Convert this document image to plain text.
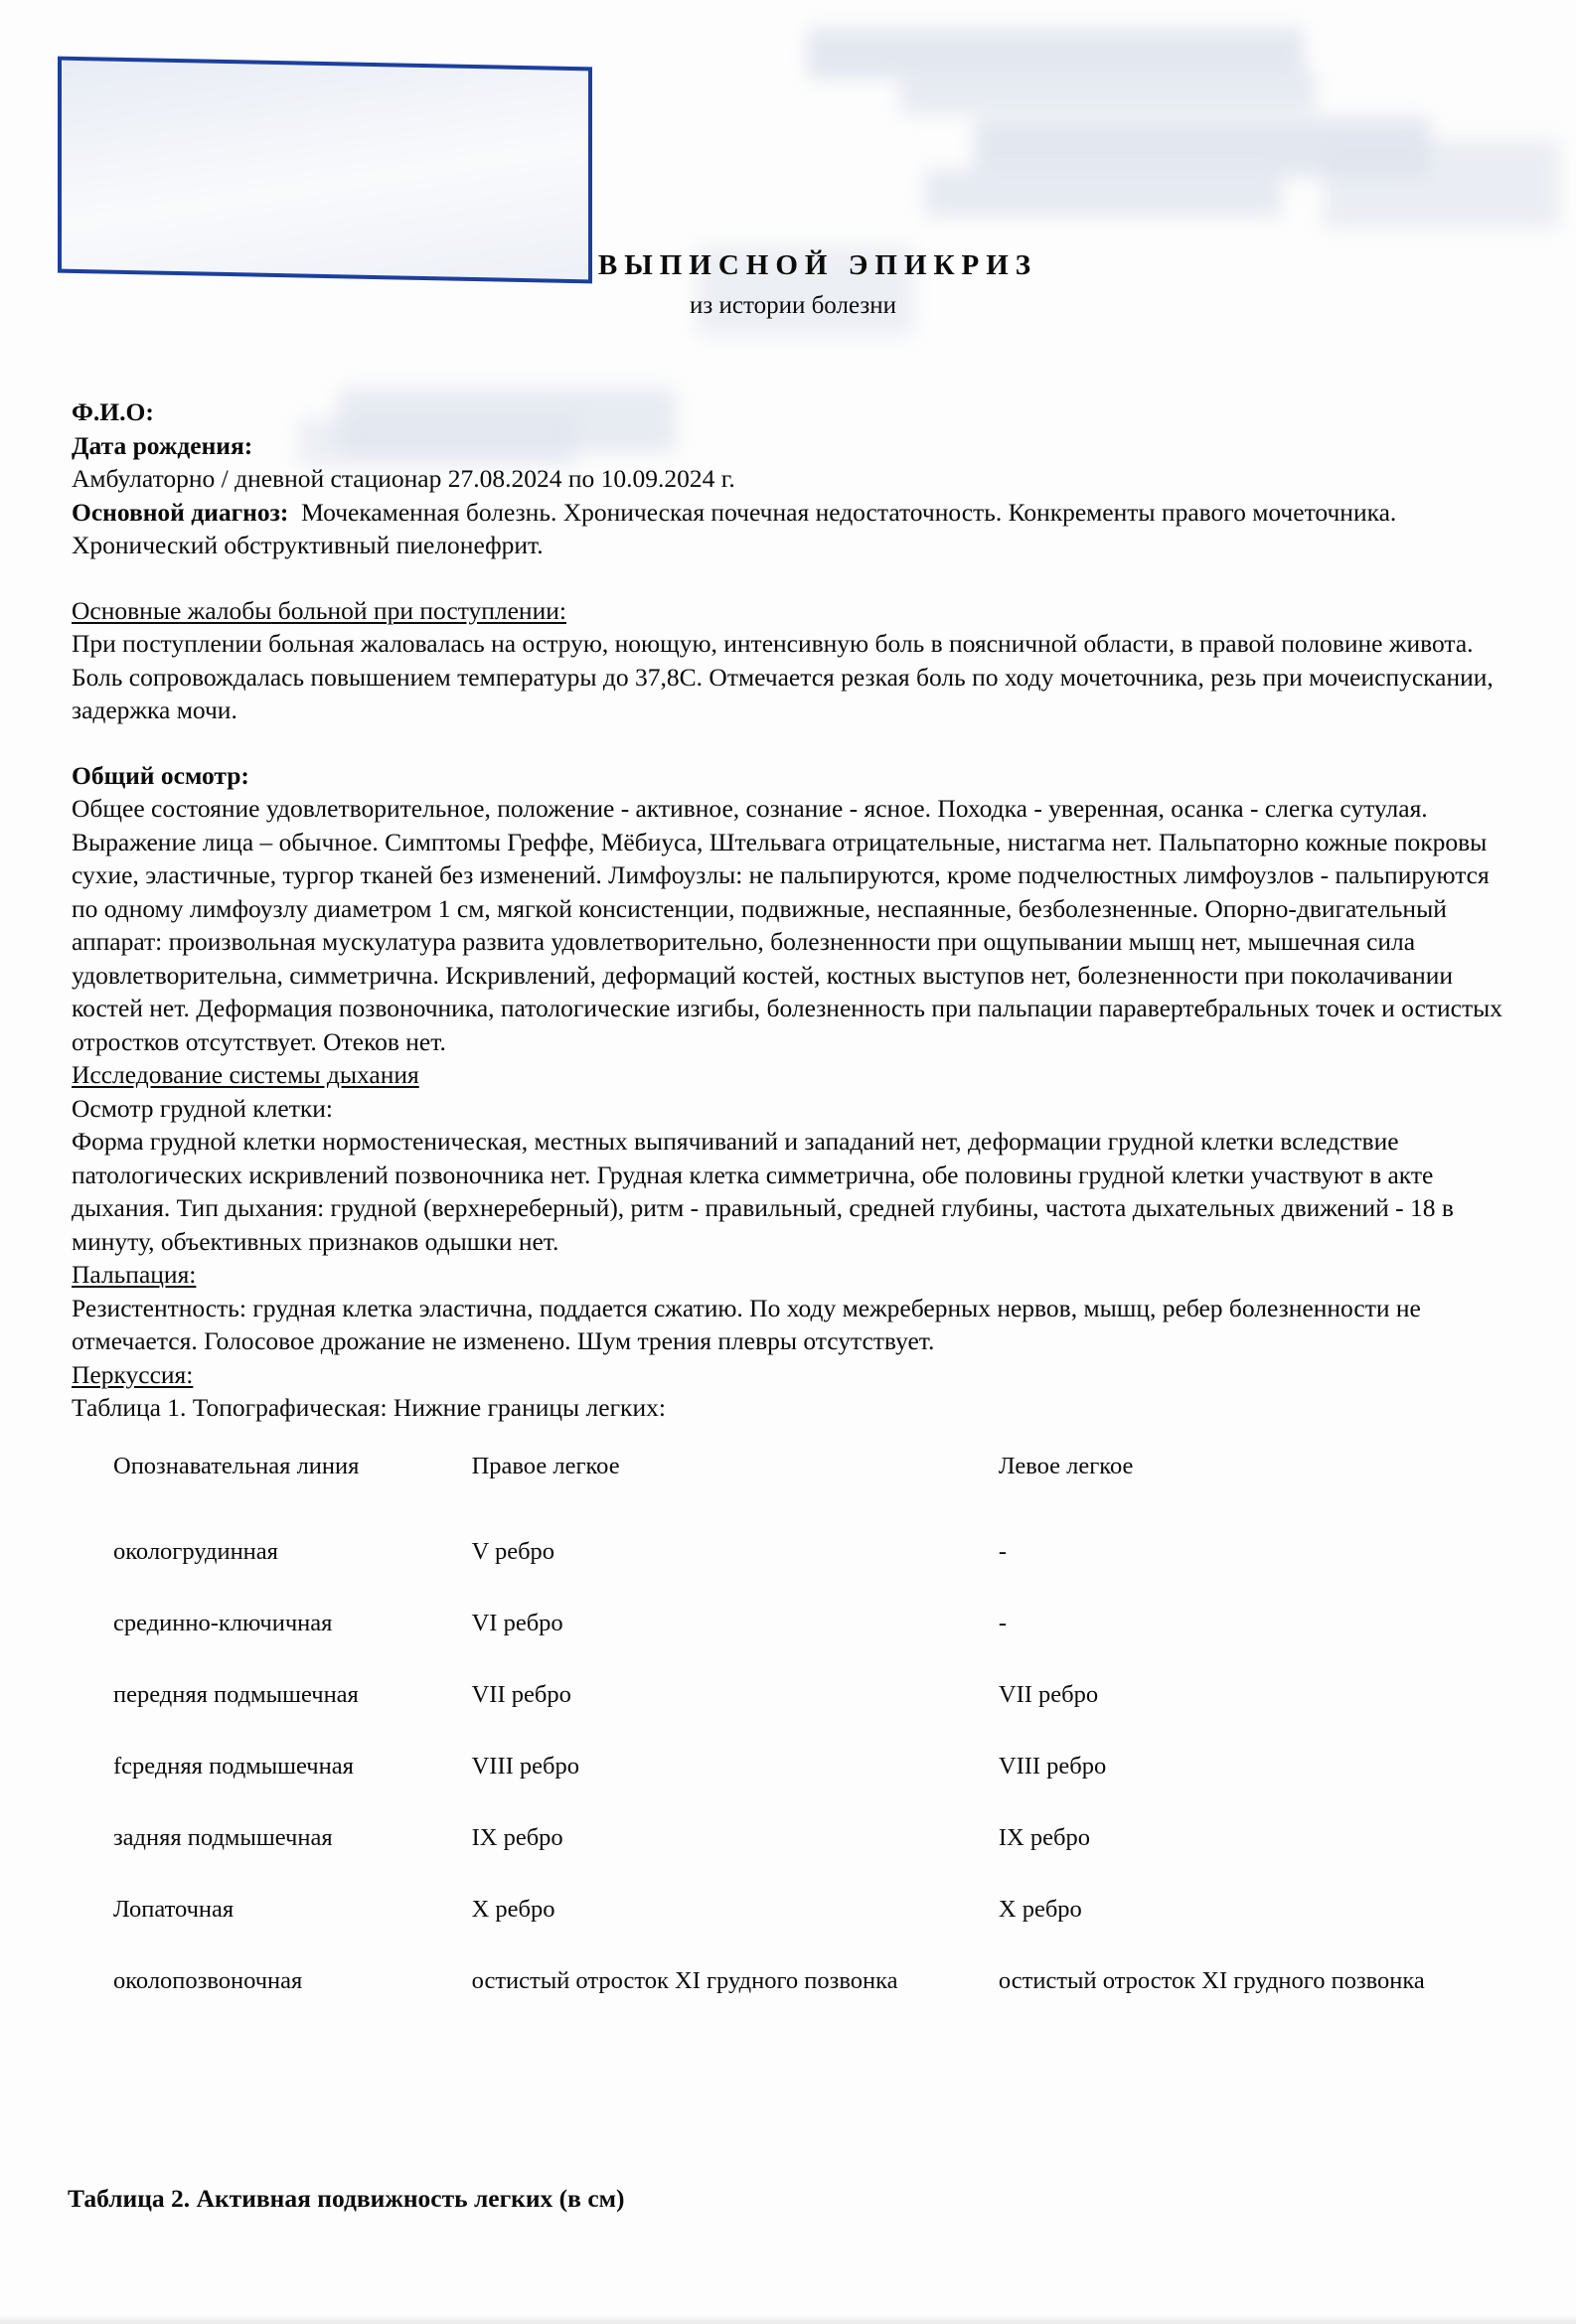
ВЫПИСНОЙ ЭПИКРИЗ
из истории болезни
Ф.И.О:
Дата рождения:
Амбулаторно / дневной стационар 27.08.2024 по 10.09.2024 г.
Основной диагноз: Мочекаменная болезнь. Хроническая почечная недостаточность. Конкременты правого мочеточника. Хронический обструктивный пиелонефрит.
Основные жалобы больной при поступлении:
При поступлении больная жаловалась на острую, ноющую, интенсивную боль в поясничной области, в правой половине живота. Боль сопровождалась повышением температуры до 37,8С. Отмечается резкая боль по ходу мочеточника, резь при мочеиспускании, задержка мочи.
Общий осмотр:
Общее состояние удовлетворительное, положение - активное, сознание - ясное. Походка - уверенная, осанка - слегка сутулая. Выражение лица – обычное. Симптомы Греффе, Мёбиуса, Штельвага отрицательные, нистагма нет. Пальпаторно кожные покровы сухие, эластичные, тургор тканей без изменений. Лимфоузлы: не пальпируются, кроме подчелюстных лимфоузлов - пальпируются по одному лимфоузлу диаметром 1 см, мягкой консистенции, подвижные, неспаянные, безболезненные. Опорно-двигательный аппарат: произвольная мускулатура развита удовлетворительно, болезненности при ощупывании мышц нет, мышечная сила удовлетворительна, симметрична. Искривлений, деформаций костей, костных выступов нет, болезненности при поколачивании костей нет. Деформация позвоночника, патологические изгибы, болезненность при пальпации паравертебральных точек и остистых отростков отсутствует. Отеков нет.
Исследование системы дыхания
Осмотр грудной клетки:
Форма грудной клетки нормостеническая, местных выпячиваний и западаний нет, деформации грудной клетки вследствие патологических искривлений позвоночника нет. Грудная клетка симметрична, обе половины грудной клетки участвуют в акте дыхания. Тип дыхания: грудной (верхнереберный), ритм - правильный, средней глубины, частота дыхательных движений - 18 в минуту, объективных признаков одышки нет.
Пальпация:
Резистентность: грудная клетка эластична, поддается сжатию. По ходу межреберных нервов, мышц, ребер болезненности не отмечается. Голосовое дрожание не изменено. Шум трения плевры отсутствует.
Перкуссия:
Таблица 1. Топографическая: Нижние границы легких:
Опознавательная линия	Правое легкое	Левое легкое
окологрудинная	V ребро	-
срединно-ключичная	VI ребро	-
передняя подмышечная	VII ребро	VII ребро
fсредняя подмышечная	VIII ребро	VIII ребро
задняя подмышечная	IX ребро	IX ребро
Лопаточная	X ребро	X ребро
околопозвоночная	остистый отросток XI грудного позвонка	остистый отросток XI грудного позвонка
Таблица 2. Активная подвижность легких (в см)
